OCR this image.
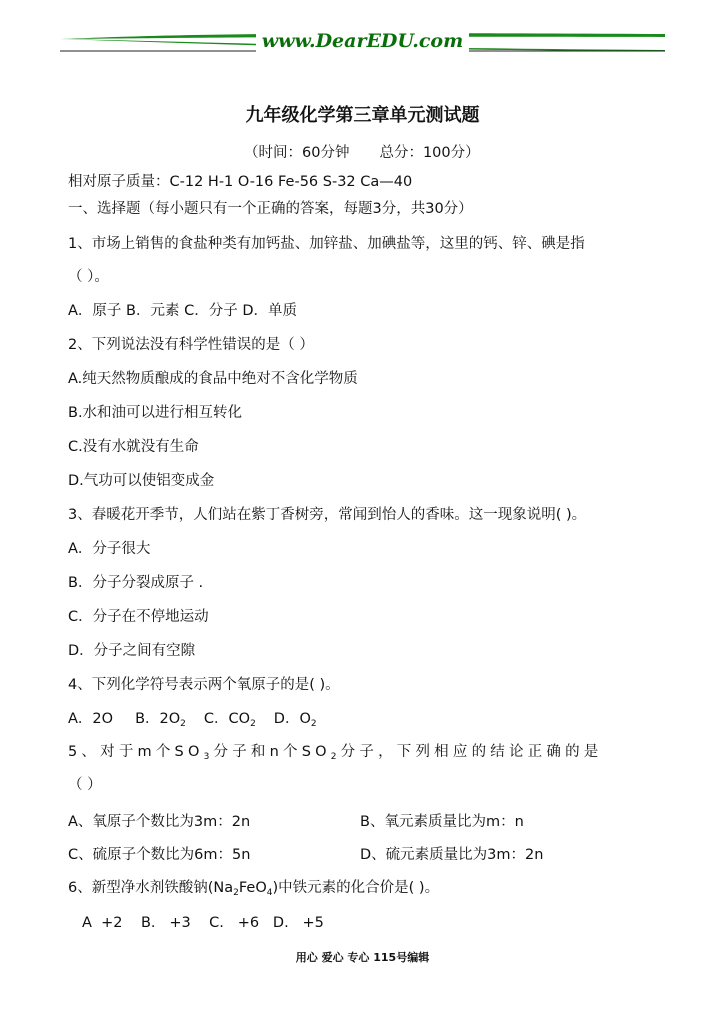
www.DearEDU.com
九年级化学第三章单元测试题
（时间：60分钟 总分：100分）
相对原子质量：C-12 H-1 O-16 Fe-56 S-32 Ca—40
一、选择题（每小题只有一个正确的答案，每题3分，共30分）
1、市场上销售的食盐种类有加钙盐、加锌盐、加碘盐等，这里的钙、锌、碘是指
（ ）。
A．原子 B．元素 C．分子 D．单质
2、下列说法没有科学性错误的是（ ）
A.纯天然物质酿成的食品中绝对不含化学物质
B.水和油可以进行相互转化
C.没有水就没有生命
D.气功可以使铝变成金
3、春暖花开季节，人们站在紫丁香树旁，常闻到怡人的香味。这一现象说明( )。
A．分子很大
B．分子分裂成原子 .
C．分子在不停地运动
D．分子之间有空隙
4、下列化学符号表示两个氧原子的是( )。
A．2O B．$2O_2$ C．$CO_2$ D．$O_2$
5、对于m个$SO_3$分子和n个$SO_2$分子，下列相应的结论正确的是
（ ）
A、氧原子个数比为3m：2n	B、氧元素质量比为m：n
C、硫原子个数比为6m：5n	D、硫元素质量比为3m：2n
6、新型净水剂铁酸钠$(Na_2FeO_4)$中铁元素的化合价是( )。
A  +2    B.   +3    C.   +6   D.   +5
用心 爱心 专心 115号编辑
